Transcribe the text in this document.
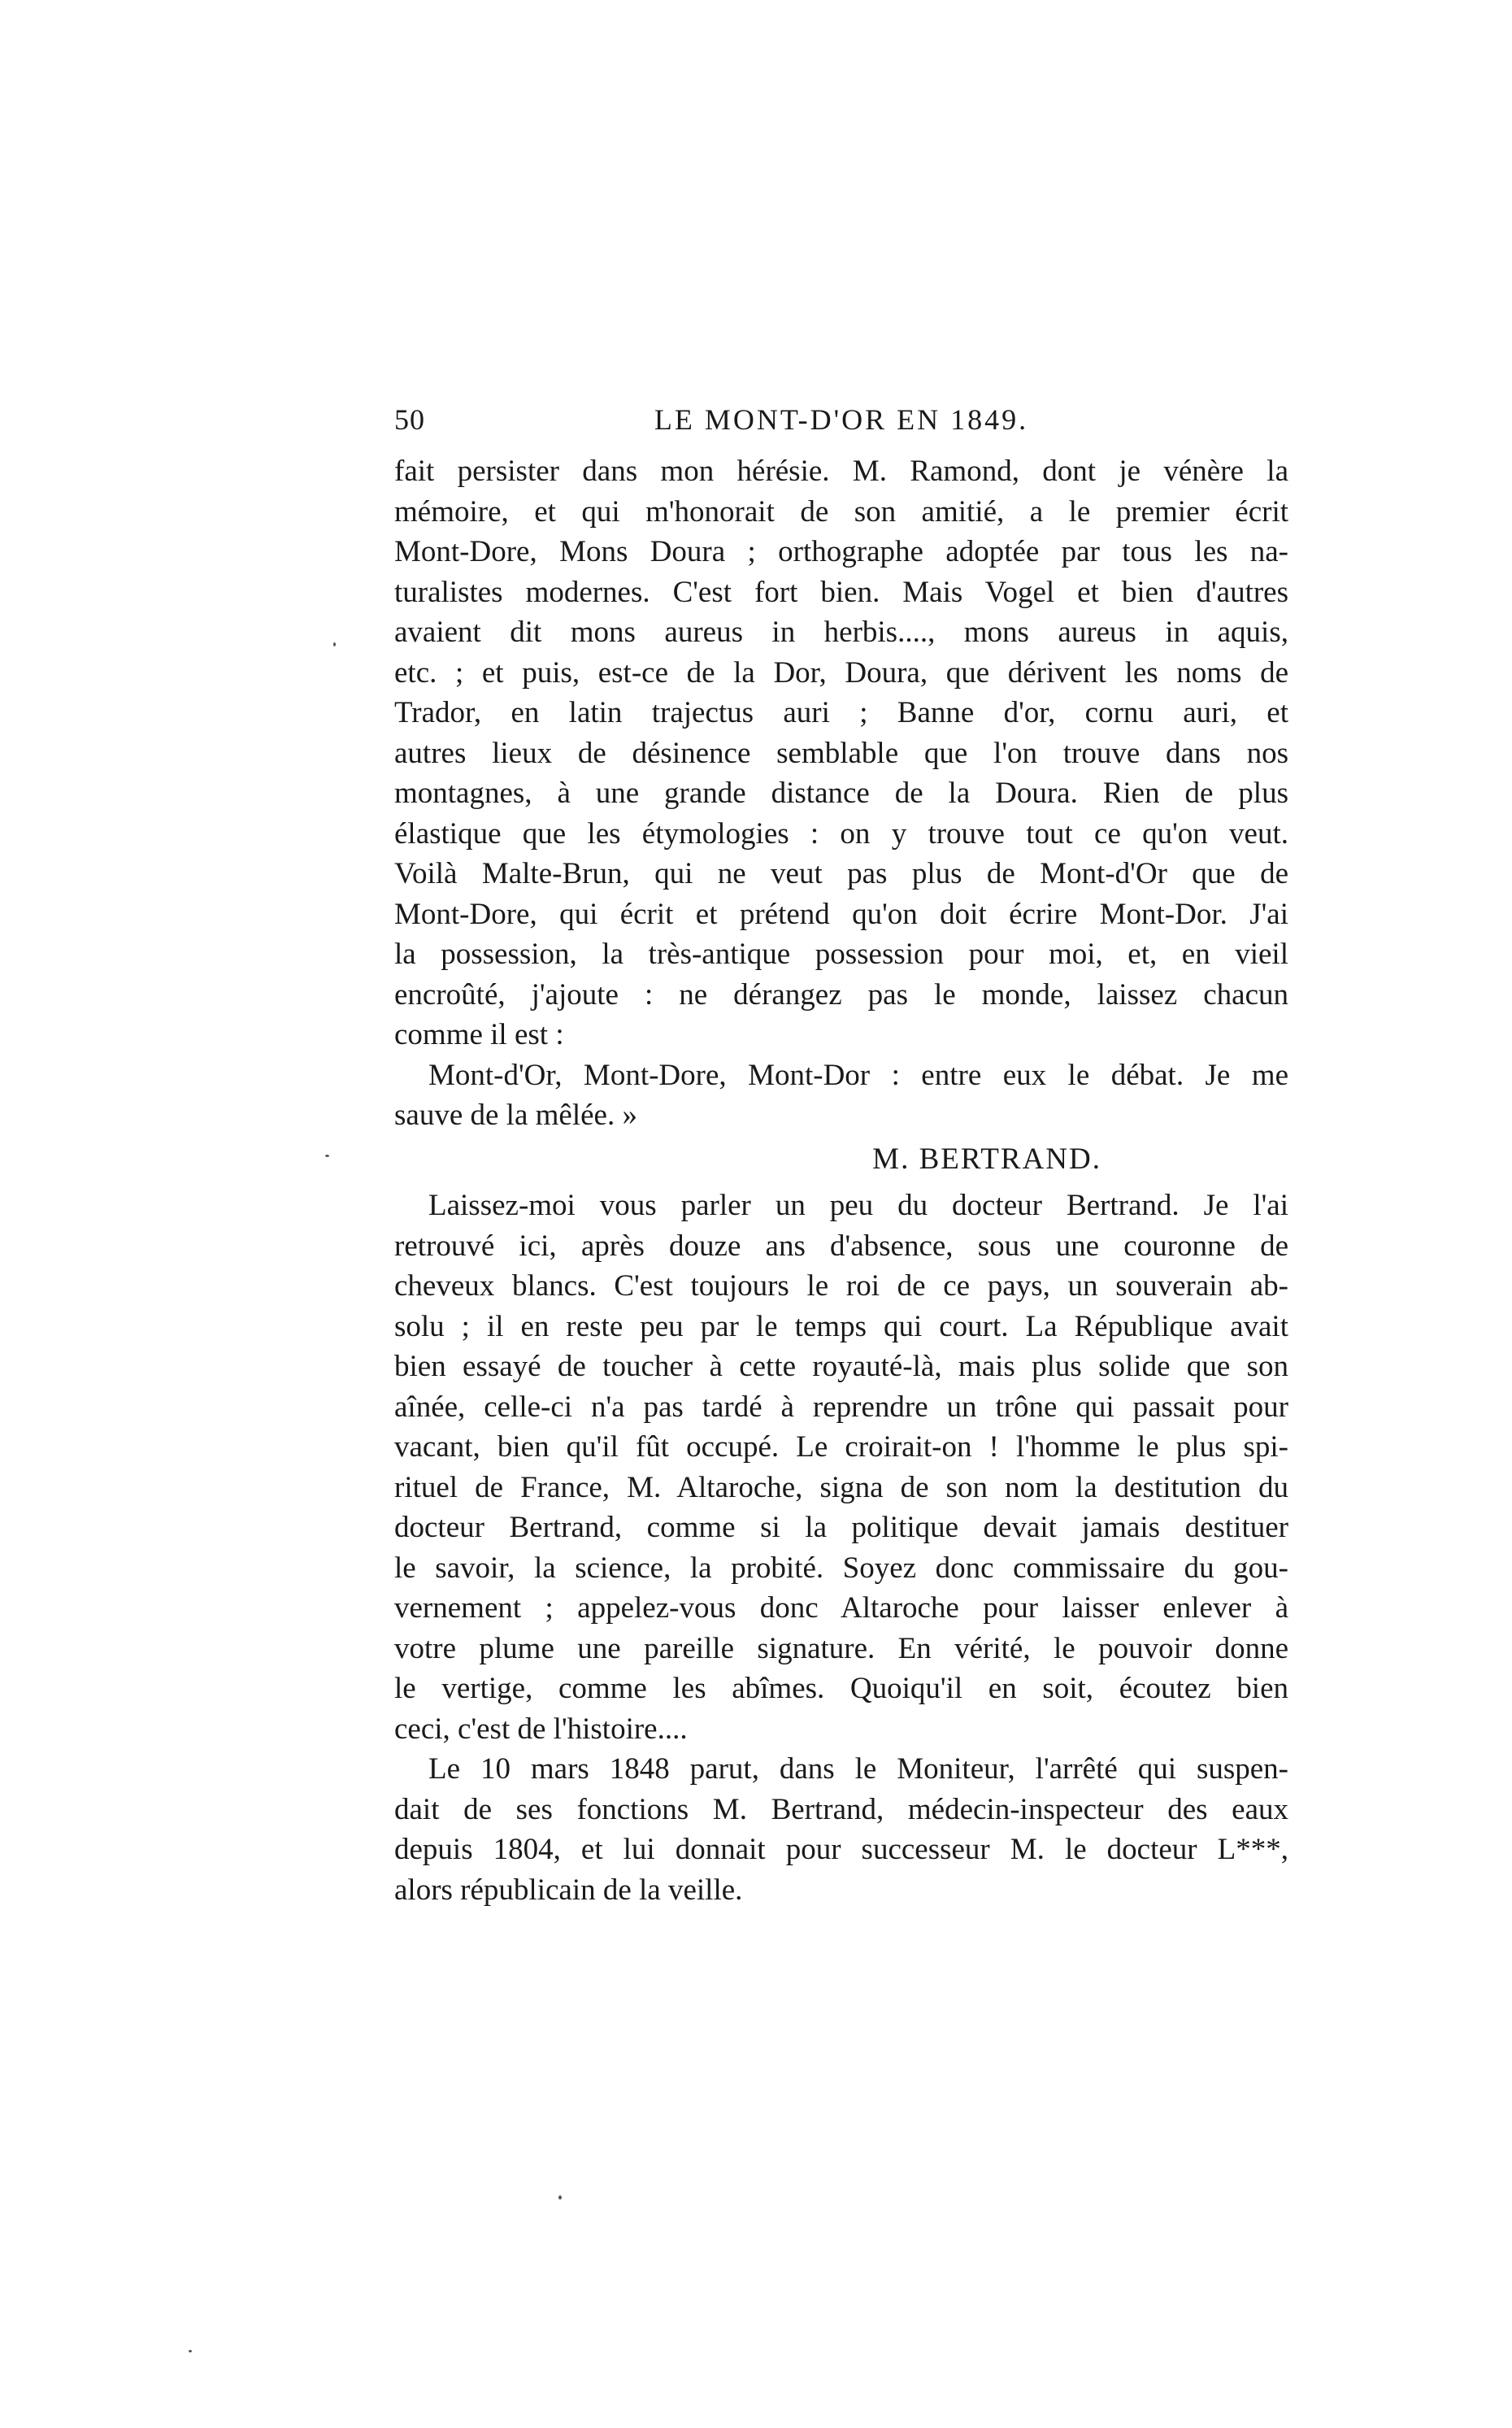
50	LE MONT-D'OR EN 1849.
fait persister dans mon hérésie. M. Ramond, dont je vénère la
mémoire, et qui m'honorait de son amitié, a le premier écrit
Mont-Dore, Mons Doura ; orthographe adoptée par tous les na-
turalistes modernes. C'est fort bien. Mais Vogel et bien d'autres
avaient dit mons aureus in herbis...., mons aureus in aquis,
etc. ; et puis, est-ce de la Dor, Doura, que dérivent les noms de
Trador, en latin trajectus auri ; Banne d'or, cornu auri, et
autres lieux de désinence semblable que l'on trouve dans nos
montagnes, à une grande distance de la Doura. Rien de plus
élastique que les étymologies : on y trouve tout ce qu'on veut.
Voilà Malte-Brun, qui ne veut pas plus de Mont-d'Or que de
Mont-Dore, qui écrit et prétend qu'on doit écrire Mont-Dor. J'ai
la possession, la très-antique possession pour moi, et, en vieil
encroûté, j'ajoute : ne dérangez pas le monde, laissez chacun
comme il est :
Mont-d'Or, Mont-Dore, Mont-Dor : entre eux le débat. Je me
sauve de la mêlée. »
M. BERTRAND.
Laissez-moi vous parler un peu du docteur Bertrand. Je l'ai
retrouvé ici, après douze ans d'absence, sous une couronne de
cheveux blancs. C'est toujours le roi de ce pays, un souverain ab-
solu ; il en reste peu par le temps qui court. La République avait
bien essayé de toucher à cette royauté-là, mais plus solide que son
aînée, celle-ci n'a pas tardé à reprendre un trône qui passait pour
vacant, bien qu'il fût occupé. Le croirait-on ! l'homme le plus spi-
rituel de France, M. Altaroche, signa de son nom la destitution du
docteur Bertrand, comme si la politique devait jamais destituer
le savoir, la science, la probité. Soyez donc commissaire du gou-
vernement ; appelez-vous donc Altaroche pour laisser enlever à
votre plume une pareille signature. En vérité, le pouvoir donne
le vertige, comme les abîmes. Quoiqu'il en soit, écoutez bien
ceci, c'est de l'histoire....
Le 10 mars 1848 parut, dans le Moniteur, l'arrêté qui suspen-
dait de ses fonctions M. Bertrand, médecin-inspecteur des eaux
depuis 1804, et lui donnait pour successeur M. le docteur L***,
alors républicain de la veille.
